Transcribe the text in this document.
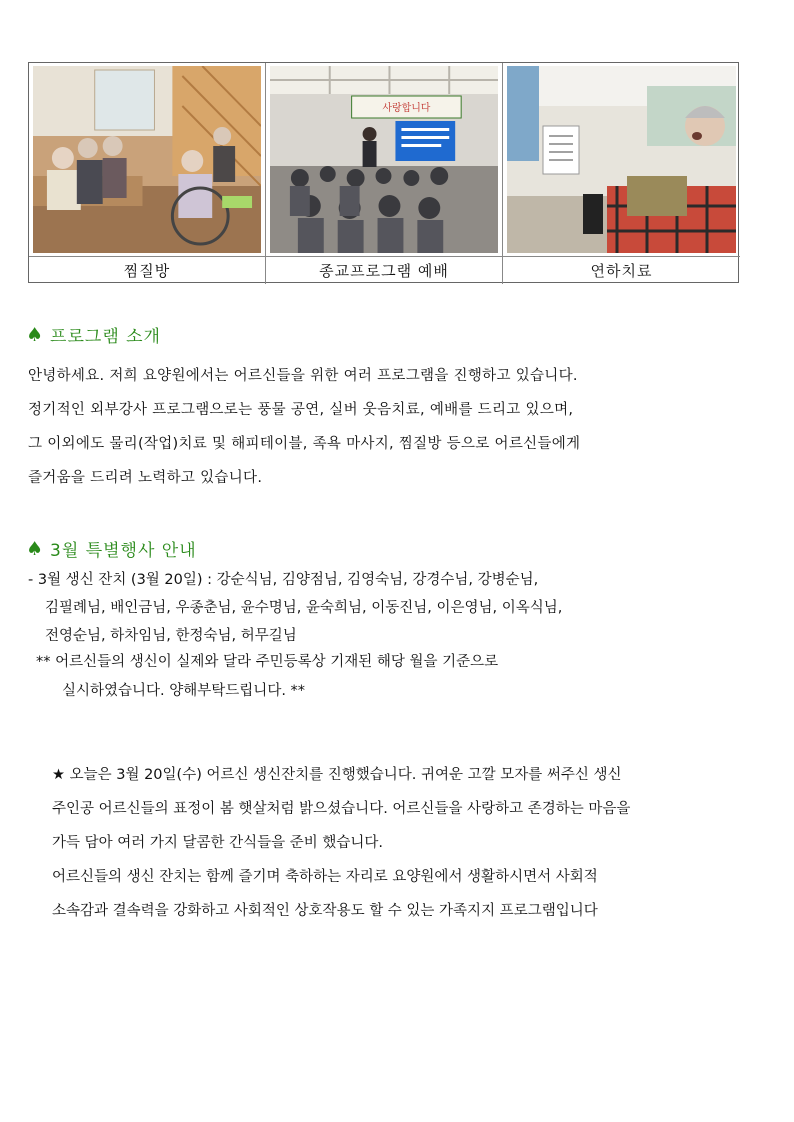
사랑합니다
찜질방	종교프로그램 예배	연하치료
♠ 프로그램 소개
안녕하세요. 저희 요양원에서는 어르신들을 위한 여러 프로그램을 진행하고 있습니다.
정기적인 외부강사 프로그램으로는 풍물 공연, 실버 웃음치료, 예배를 드리고 있으며,
그 이외에도 물리(작업)치료 및 해피테이블, 족욕 마사지, 찜질방 등으로 어르신들에게
즐거움을 드리려 노력하고 있습니다.
♠ 3월 특별행사 안내
- 3월 생신 잔치 (3월 20일) : 강순식님, 김양점님, 김영숙님, 강경수님, 강병순님,
김필례님, 배인금님, 우종춘님, 윤수명님, 윤숙희님, 이동진님, 이은영님, 이옥식님,
전영순님, 하차임님, 한정숙님, 허무길님
** 어르신들의 생신이 실제와 달라 주민등록상 기재된 해당 월을 기준으로
실시하였습니다. 양해부탁드립니다. **
★ 오늘은 3월 20일(수) 어르신 생신잔치를 진행했습니다. 귀여운 고깔 모자를 써주신 생신
주인공 어르신들의 표정이 봄 햇살처럼 밝으셨습니다. 어르신들을 사랑하고 존경하는 마음을
가득 담아 여러 가지 달콤한 간식들을 준비 했습니다.
어르신들의 생신 잔치는 함께 즐기며 축하하는 자리로 요양원에서 생활하시면서 사회적
소속감과 결속력을 강화하고 사회적인 상호작용도 할 수 있는 가족지지 프로그램입니다
